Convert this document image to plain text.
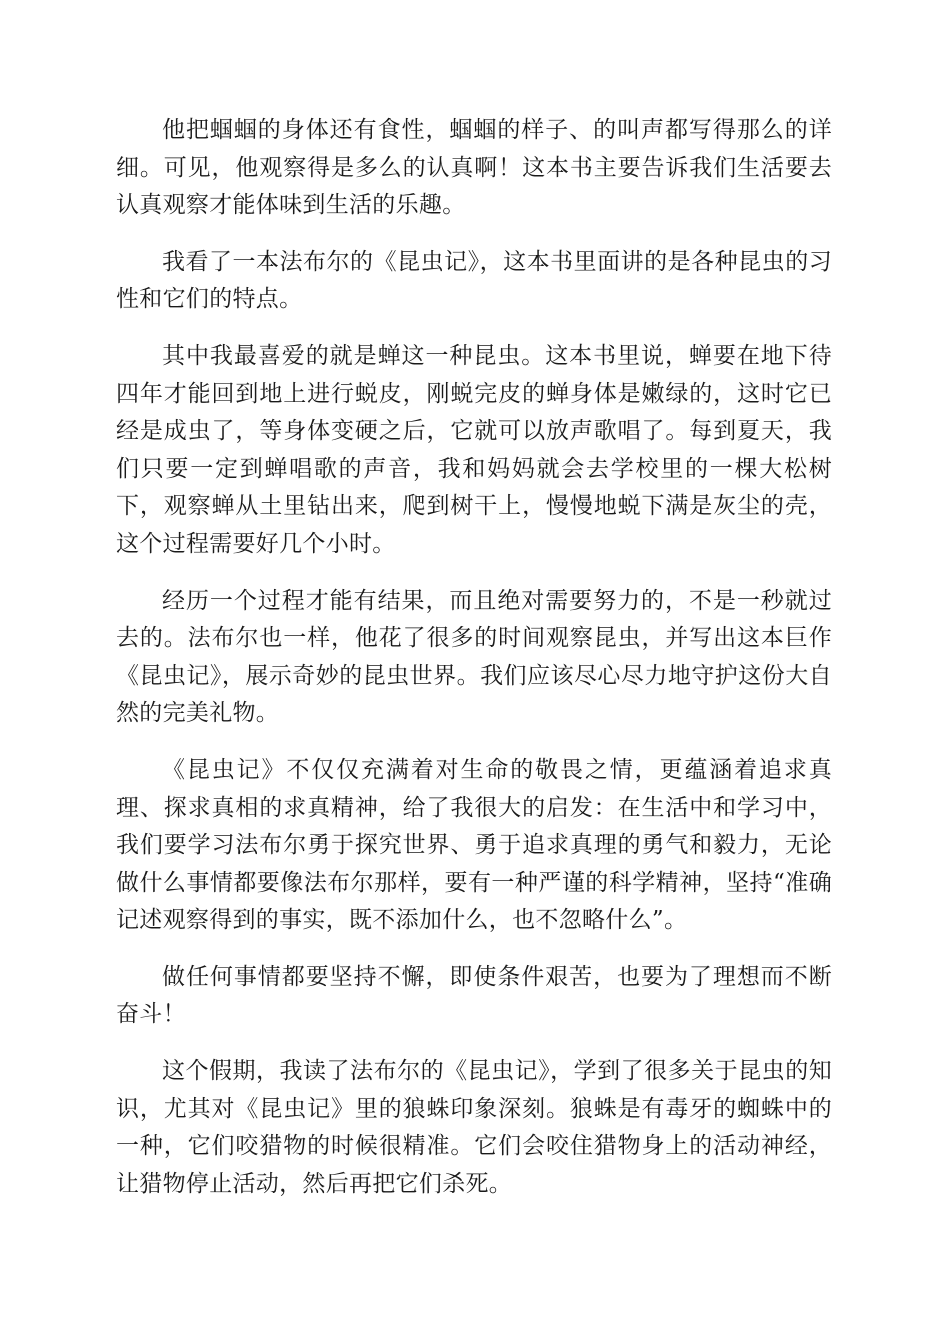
他把蝈蝈的身体还有食性，蝈蝈的样子、的叫声都写得那么的详细。可见，他观察得是多么的认真啊！这本书主要告诉我们生活要去认真观察才能体味到生活的乐趣。

我看了一本法布尔的《昆虫记》，这本书里面讲的是各种昆虫的习性和它们的特点。

其中我最喜爱的就是蝉这一种昆虫。这本书里说，蝉要在地下待四年才能回到地上进行蜕皮，刚蜕完皮的蝉身体是嫩绿的，这时它已经是成虫了，等身体变硬之后，它就可以放声歌唱了。每到夏天，我们只要一定到蝉唱歌的声音，我和妈妈就会去学校里的一棵大松树下，观察蝉从土里钻出来，爬到树干上，慢慢地蜕下满是灰尘的壳，这个过程需要好几个小时。

经历一个过程才能有结果，而且绝对需要努力的，不是一秒就过去的。法布尔也一样，他花了很多的时间观察昆虫，并写出这本巨作《昆虫记》，展示奇妙的昆虫世界。我们应该尽心尽力地守护这份大自然的完美礼物。

《昆虫记》不仅仅充满着对生命的敬畏之情，更蕴涵着追求真理、探求真相的求真精神，给了我很大的启发：在生活中和学习中，我们要学习法布尔勇于探究世界、勇于追求真理的勇气和毅力，无论做什么事情都要像法布尔那样，要有一种严谨的科学精神，坚持“准确记述观察得到的事实，既不添加什么，也不忽略什么”。

做任何事情都要坚持不懈，即使条件艰苦，也要为了理想而不断奋斗！

这个假期，我读了法布尔的《昆虫记》，学到了很多关于昆虫的知识，尤其对《昆虫记》里的狼蛛印象深刻。狼蛛是有毒牙的蜘蛛中的一种，它们咬猎物的时候很精准。它们会咬住猎物身上的活动神经，让猎物停止活动，然后再把它们杀死。
